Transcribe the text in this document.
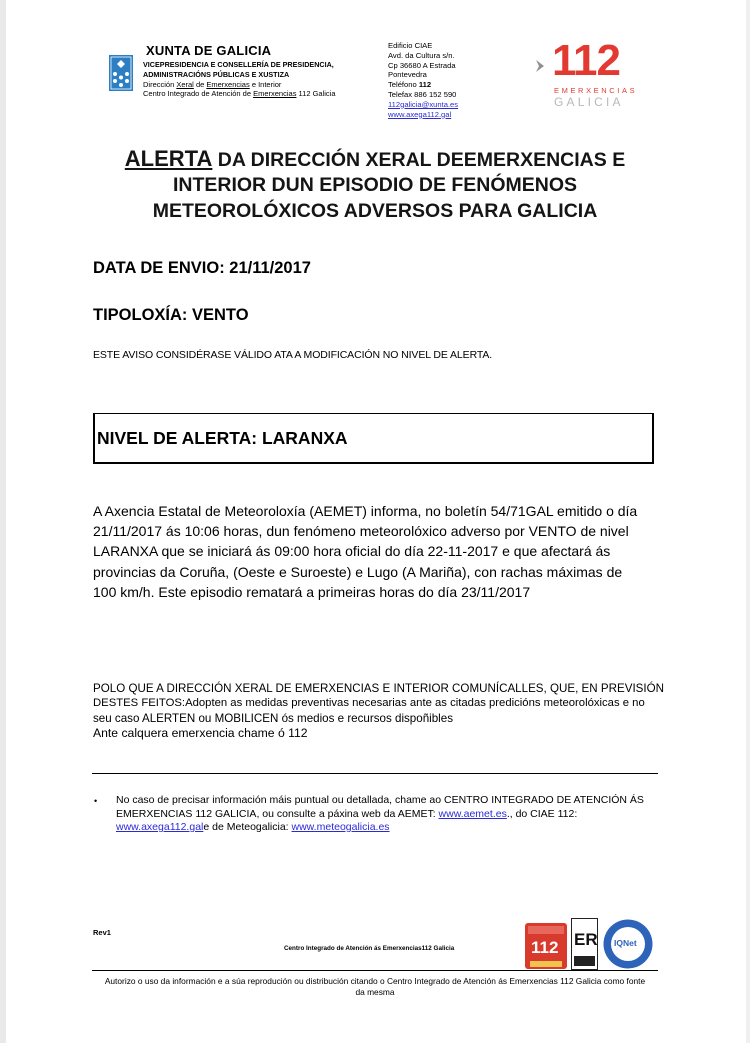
XUNTA DE GALICIA
VICEPRESIDENCIA E CONSELLERÍA DE PRESIDENCIA,
ADMINISTRACIÓNS PÚBLICAS E XUSTIZA
Dirección Xeral de Emerxencias e Interior
Centro Integrado de Atención de Emerxencias 112 Galicia
Edificio CIAE
Avd. da Cultura s/n.
Cp 36680 A Estrada
Pontevedra
Teléfono 112
Telefax 886 152 590
112galicia@xunta.es
www.axega112.gal
112
EMERXENCIAS
GALICIA
ALERTA DA DIRECCIÓN XERAL DEEMERXENCIAS E
INTERIOR DUN EPISODIO DE FENÓMENOS
METEOROLÓXICOS ADVERSOS PARA GALICIA
DATA DE ENVIO: 21/11/2017
TIPOLOXÍA: VENTO
ESTE AVISO CONSIDÉRASE VÁLIDO ATA A MODIFICACIÓN NO NIVEL DE ALERTA.
NIVEL DE ALERTA: LARANXA

A Axencia Estatal de Meteoroloxía (AEMET) informa, no boletín 54/71GAL emitido o día

21/11/2017 ás 10:06 horas, dun fenómeno meteorolóxico adverso por VENTO de nivel

LARANXA que se iniciará ás 09:00 hora oficial do día 22-11-2017 e que afectará ás

provincias da Coruña, (Oeste e Suroeste) e Lugo (A Mariña), con rachas máximas de

100 km/h. Este episodio rematará a primeiras horas do día 23/11/2017

POLO QUE A DIRECCIÓN XERAL DE EMERXENCIAS E INTERIOR COMUNÍCALLES, QUE, EN PREVISIÓN

DESTES FEITOS:Adopten as medidas preventivas necesarias ante as citadas predicións meteorolóxicas e no

seu caso ALERTEN ou MOBILICEN ós medios e recursos dispoñibles

Ante calquera emerxencia chame ó 112

• No caso de precisar información máis puntual ou detallada, chame ao CENTRO INTEGRADO DE ATENCIÓN ÁS

EMERXENCIAS 112 GALICIA, ou consulte a páxina web da AEMET: www.aemet.es., do CIAE 112:

www.axega112.gale de Meteogalicia: www.meteogalicia.es

Rev1
Centro Integrado de Atención ás Emerxencias112 Galicia	112 ER IQNet

Autorizo o uso da información e a súa reprodución ou distribución citando o Centro Integrado de Atención ás Emerxencias 112 Galicia como fonte

da mesma
